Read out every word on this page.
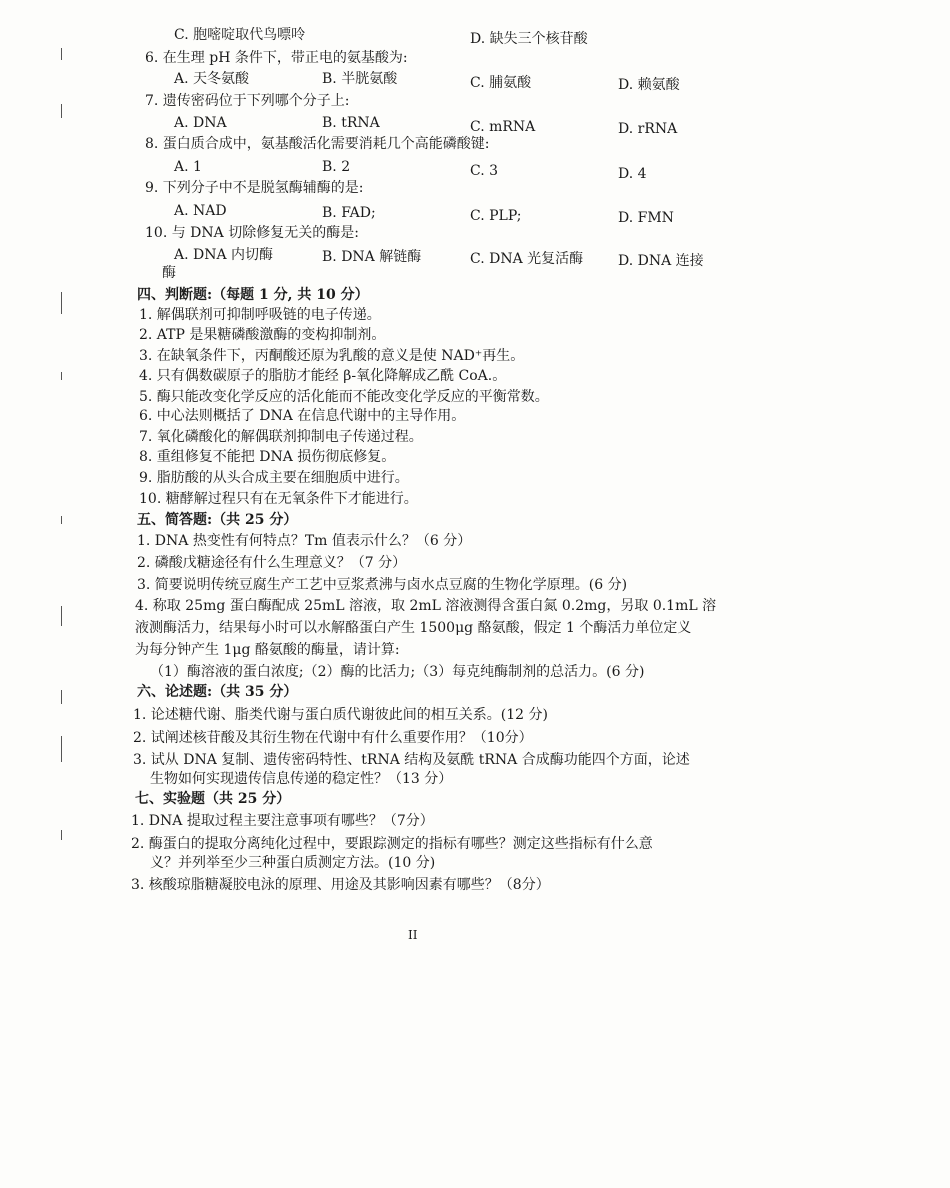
C. 胞嘧啶取代鸟嘌呤	D. 缺失三个核苷酸
6. 在生理 pH 条件下，带正电的氨基酸为:
A. 天冬氨酸	B. 半胱氨酸	C. 脯氨酸	D. 赖氨酸
7. 遗传密码位于下列哪个分子上:
A. DNA	B. tRNA	C. mRNA	D. rRNA
8. 蛋白质合成中，氨基酸活化需要消耗几个高能磷酸键:
A. 1	B. 2	C. 3	D. 4
9. 下列分子中不是脱氢酶辅酶的是:
A. NAD	B. FAD;	C. PLP;	D. FMN
10. 与 DNA 切除修复无关的酶是:
A. DNA 内切酶	B. DNA 解链酶	C. DNA 光复活酶 D. DNA 连接
酶
四、判断题:（每题 1 分, 共 10 分）
1. 解偶联剂可抑制呼吸链的电子传递。
2. ATP 是果糖磷酸激酶的变构抑制剂。
3. 在缺氧条件下，丙酮酸还原为乳酸的意义是使 NAD⁺再生。
4. 只有偶数碳原子的脂肪才能经 β-氧化降解成乙酰 CoA.。
5. 酶只能改变化学反应的活化能而不能改变化学反应的平衡常数。
6. 中心法则概括了 DNA 在信息代谢中的主导作用。
7. 氧化磷酸化的解偶联剂抑制电子传递过程。
8. 重组修复不能把 DNA 损伤彻底修复。
9. 脂肪酸的从头合成主要在细胞质中进行。
10. 糖酵解过程只有在无氧条件下才能进行。
五、简答题:（共 25 分）
1. DNA 热变性有何特点？Tm 值表示什么？（6 分）
2. 磷酸戊糖途径有什么生理意义？（7 分）
3. 简要说明传统豆腐生产工艺中豆浆煮沸与卤水点豆腐的生物化学原理。(6 分)
4. 称取 25mg 蛋白酶配成 25mL 溶液，取 2mL 溶液测得含蛋白氮 0.2mg，另取 0.1mL 溶
液测酶活力，结果每小时可以水解酪蛋白产生 1500μg 酪氨酸，假定 1 个酶活力单位定义
为每分钟产生 1μg 酪氨酸的酶量，请计算:
（1）酶溶液的蛋白浓度;（2）酶的比活力;（3）每克纯酶制剂的总活力。(6 分)
六、论述题:（共 35 分）
1. 论述糖代谢、脂类代谢与蛋白质代谢彼此间的相互关系。(12 分)
2. 试阐述核苷酸及其衍生物在代谢中有什么重要作用？（10分）
3. 试从 DNA 复制、遗传密码特性、tRNA 结构及氨酰 tRNA 合成酶功能四个方面，论述
生物如何实现遗传信息传递的稳定性？（13 分）
七、实验题（共 25 分）
1. DNA 提取过程主要注意事项有哪些？（7分）
2. 酶蛋白的提取分离纯化过程中，要跟踪测定的指标有哪些？测定这些指标有什么意
义？并列举至少三种蛋白质测定方法。(10 分)
3. 核酸琼脂糖凝胶电泳的原理、用途及其影响因素有哪些？（8分）
II
